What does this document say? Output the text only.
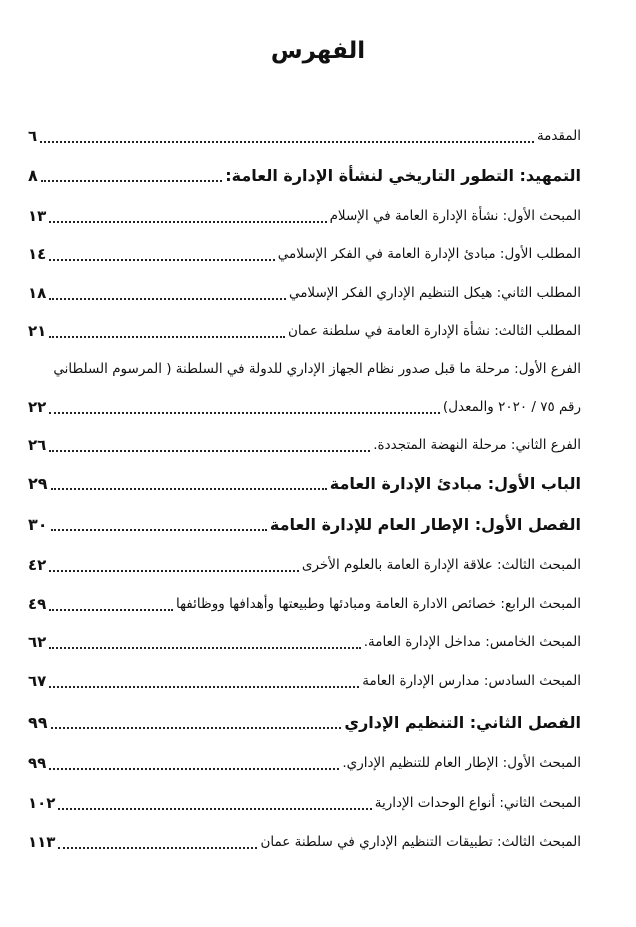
الفهرس
المقدمة
٦
التمهيد: التطور التاريخي لنشأة الإدارة العامة:
٨
المبحث الأول: نشأة الإدارة العامة في الإسلام
١٣
المطلب الأول: مبادئ الإدارة العامة في الفكر الإسلامي
١٤
المطلب الثاني: هيكل التنظيم الإداري الفكر الإسلامي
١٨
المطلب الثالث: نشأة الإدارة العامة في سلطنة عمان
٢١
الفرع الأول: مرحلة ما قبل صدور نظام الجهاز الإداري للدولة في السلطنة ( المرسوم السلطاني
رقم ٧٥ / ٢٠٢٠ والمعدل)
٢٢
الفرع الثاني: مرحلة النهضة المتجددة.
٢٦
الباب الأول: مبادئ الإدارة العامة
٢٩
الفصل الأول: الإطار العام للإدارة العامة
٣٠
المبحث الثالث: علاقة الإدارة العامة بالعلوم الأخرى
٤٢
المبحث الرابع: خصائص الادارة العامة ومبادئها وطبيعتها وأهدافها ووظائفها
٤٩
المبحث الخامس: مداخل الإدارة العامة.
٦٢
المبحث السادس: مدارس الإدارة العامة
٦٧
الفصل الثاني: التنظيم الإداري
٩٩
المبحث الأول: الإطار العام للتنظيم الإداري.
٩٩
المبحث الثاني: أنواع الوحدات الإدارية
١٠٢
المبحث الثالث: تطبيقات التنظيم الإداري في سلطنة عمان
١١٣
